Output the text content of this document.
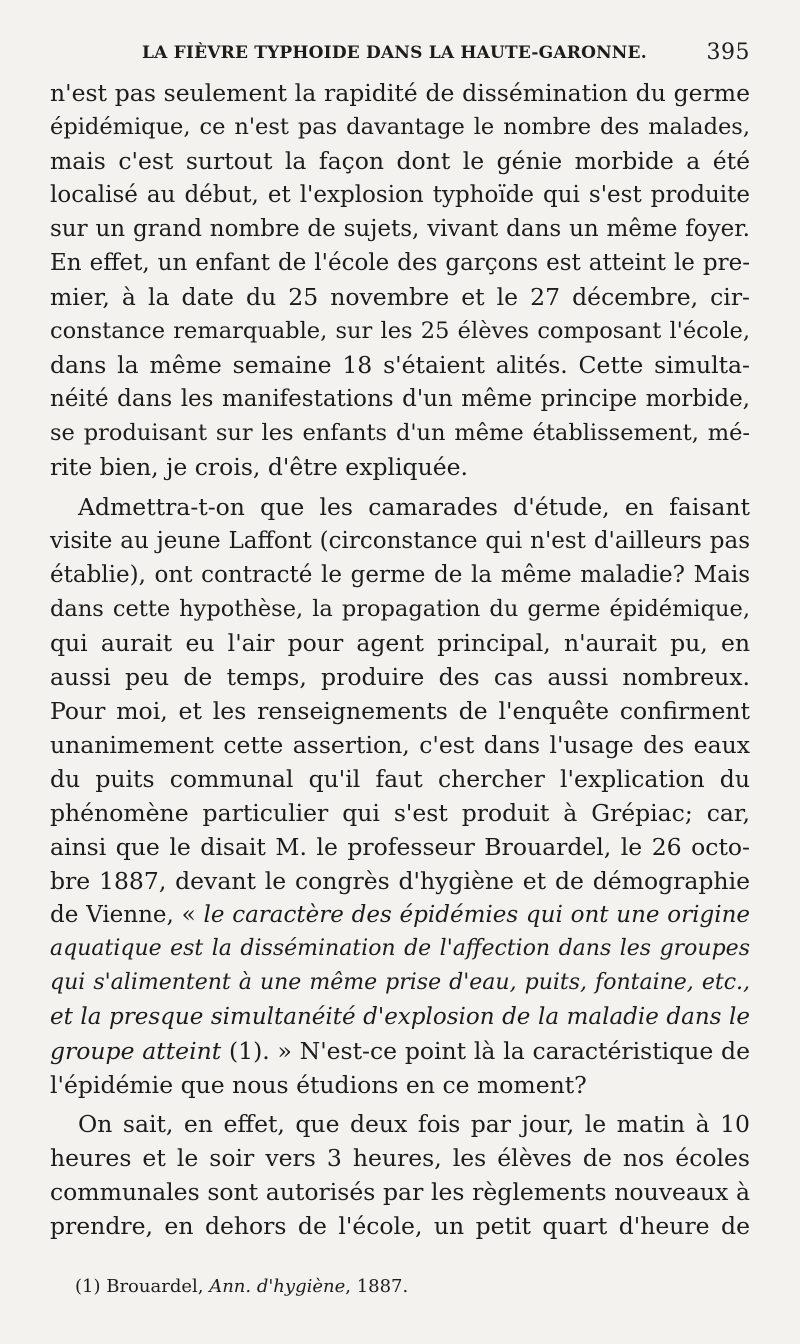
LA FIÈVRE TYPHOIDE DANS LA HAUTE-GARONNE.	395
n'est pas seulement la rapidité de dissémination du germe
épidémique, ce n'est pas davantage le nombre des malades,
mais c'est surtout la façon dont le génie morbide a été
localisé au début, et l'explosion typhoïde qui s'est produite
sur un grand nombre de sujets, vivant dans un même foyer.
En effet, un enfant de l'école des garçons est atteint le pre-
mier, à la date du 25 novembre et le 27 décembre, cir-
constance remarquable, sur les 25 élèves composant l'école,
dans la même semaine 18 s'étaient alités. Cette simulta-
néité dans les manifestations d'un même principe morbide,
se produisant sur les enfants d'un même établissement, mé-
rite bien, je crois, d'être expliquée.
Admettra-t-on que les camarades d'étude, en faisant
visite au jeune Laffont (circonstance qui n'est d'ailleurs pas
établie), ont contracté le germe de la même maladie? Mais
dans cette hypothèse, la propagation du germe épidémique,
qui aurait eu l'air pour agent principal, n'aurait pu, en
aussi peu de temps, produire des cas aussi nombreux.
Pour moi, et les renseignements de l'enquête confirment
unanimement cette assertion, c'est dans l'usage des eaux
du puits communal qu'il faut chercher l'explication du
phénomène particulier qui s'est produit à Grépiac; car,
ainsi que le disait M. le professeur Brouardel, le 26 octo-
bre 1887, devant le congrès d'hygiène et de démographie
de Vienne, « le caractère des épidémies qui ont une origine
aquatique est la dissémination de l'affection dans les groupes
qui s'alimentent à une même prise d'eau, puits, fontaine, etc.,
et la presque simultanéité d'explosion de la maladie dans le
groupe atteint (1). » N'est-ce point là la caractéristique de
l'épidémie que nous étudions en ce moment?
On sait, en effet, que deux fois par jour, le matin à 10
heures et le soir vers 3 heures, les élèves de nos écoles
communales sont autorisés par les règlements nouveaux à
prendre, en dehors de l'école, un petit quart d'heure de
(1) Brouardel, Ann. d'hygiène, 1887.
